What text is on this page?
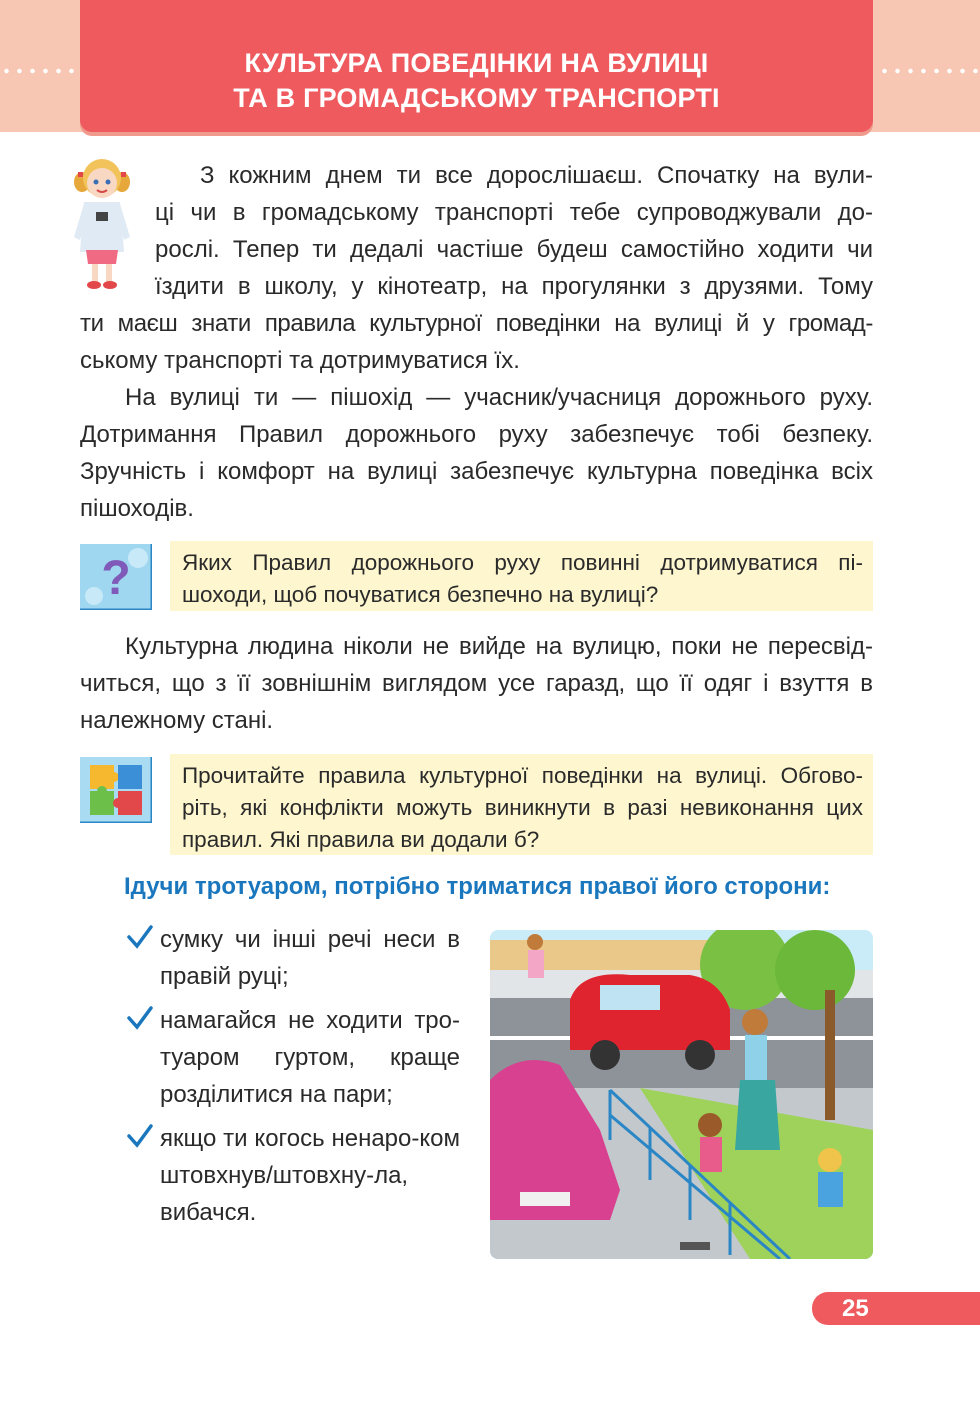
КУЛЬТУРА ПОВЕДІНКИ НА ВУЛИЦІ
ТА В ГРОМАДСЬКОМУ ТРАНСПОРТІ
З кожним днем ти все дорослішаєш. Спочатку на вули-
ці чи в громадському транспорті тебе супроводжували до-
рослі. Тепер ти дедалі частіше будеш самостійно ходити чи
їздити в школу, у кінотеатр, на прогулянки з друзями. Тому
ти маєш знати правила культурної поведінки на вулиці й у громад-
ському транспорті та дотримуватися їх.

На вулиці ти — пішохід — учасник/учасниця дорожнього руху. Дотримання Правил дорожнього руху забезпечує тобі безпеку. Зручність і комфорт на вулиці забезпечує культурна поведінка всіх пішоходів.

? Яких Правил дорожнього руху повинні дотримуватися пі-шоходи, щоб почуватися безпечно на вулиці?

Культурна людина ніколи не вийде на вулицю, поки не пересвід-читься, що з її зовнішнім виглядом усе гаразд, що її одяг і взуття в належному стані.

Прочитайте правила культурної поведінки на вулиці. Обгово-ріть, які конфлікти можуть виникнути в разі невиконання цих правил. Які правила ви додали б?

Ідучи тротуаром, потрібно триматися правої його сторони:

сумку чи інші речі неси в правій руці;
намагайся не ходити тро-туаром гуртом, краще розділитися на пари;
якщо ти когось ненаро-ком штовхнув/штовхну-ла, вибачся.
25
